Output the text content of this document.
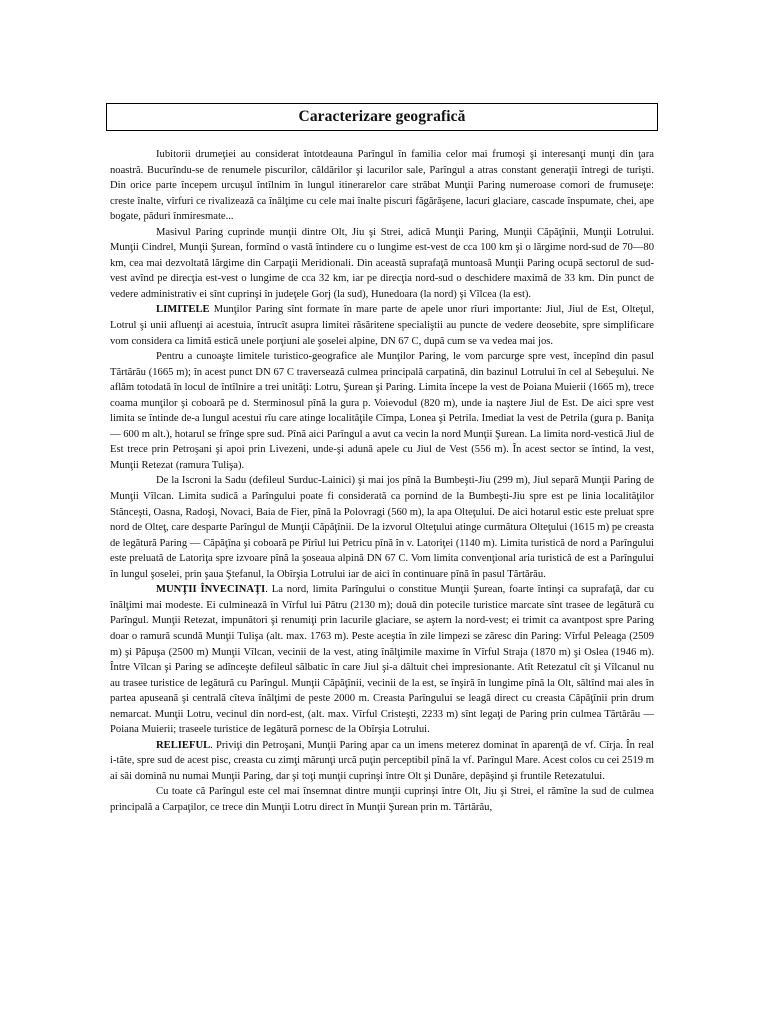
Caracterizare geografică

Iubitorii drumeţiei au considerat întotdeauna Parîngul în familia celor mai frumoşi şi interesanţi munţi din ţara noastră. Bucurîndu-se de renumele piscurilor, căldărilor şi lacurilor sale, Parîngul a atras constant generaţii întregi de turişti. Din orice parte începem urcuşul întîlnim în lungul itinerarelor care străbat Munţii Paring numeroase comori de frumuseţe: creste înalte, vîrfuri ce rivalizează ca înălţime cu cele mai înalte piscuri făgărăşene, lacuri glaciare, cascade înspumate, chei, ape bogate, păduri înmiresmate...

Masivul Paring cuprinde munţii dintre Olt, Jiu şi Strei, adică Munţii Paring, Munţii Căpăţînii, Munţii Lotrului. Munţii Cindrel, Munţii Şurean, formînd o vastă întindere cu o lungime est-vest de cca 100 km şi o lărgime nord-sud de 70—80 km, cea mai dezvoltată lărgime din Carpaţii Meridionali. Din această suprafaţă muntoasă Munţii Paring ocupă sectorul de sud-vest avînd pe direcţia est-vest o lungime de cca 32 km, iar pe direcţia nord-sud o deschidere maximă de 33 km. Din punct de vedere administrativ ei sînt cuprinşi în judeţele Gorj (la sud), Hunedoara (la nord) şi Vîlcea (la est).

LIMITELE Munţilor Paring sînt formate în mare parte de apele unor rîuri importante: Jiul, Jiul de Est, Olteţul, Lotrul şi unii afluenţi ai acestuia, întrucît asupra limitei răsăritene specialiştii au puncte de vedere deosebite, spre simplificare vom considera ca limită estică unele porţiuni ale şoselei alpine, DN 67 C, după cum se va vedea mai jos.

Pentru a cunoaşte limitele turistico-geografice ale Munţilor Paring, le vom parcurge spre vest, începînd din pasul Tărtărău (1665 m); în acest punct DN 67 C traversează culmea principală carpatină, din bazinul Lotrului în cel al Sebeşului. Ne aflăm totodată în locul de întîlnire a trei unităţi: Lotru, Şurean şi Paring. Limita începe la vest de Poiana Muierii (1665 m), trece coama munţilor şi coboară pe d. Sterminosul pînă la gura p. Voievodul (820 m), unde ia naştere Jiul de Est. De aici spre vest limita se întinde de-a lungul acestui rîu care atinge localităţile Cîmpa, Lonea şi Petrila. Imediat la vest de Petrila (gura p. Baniţa — 600 m alt.), hotarul se frînge spre sud. Pînă aici Parîngul a avut ca vecin la nord Munţii Şurean. La limita nord-vestică Jiul de Est trece prin Petroşani şi apoi prin Livezeni, unde-şi adună apele cu Jiul de Vest (556 m). În acest sector se întind, la vest, Munţii Retezat (ramura Tulişa).

De la Iscroni la Sadu (defileul Surduc-Lainici) şi mai jos pînă la Bumbeşti-Jiu (299 m), Jiul separă Munţii Paring de Munţii Vîlcan. Limita sudică a Parîngului poate fi considerată ca pornind de la Bumbeşti-Jiu spre est pe linia localităţilor Stănceşti, Oasna, Radoşi, Novaci, Baia de Fier, pînă la Polovragi (560 m), la apa Olteţului. De aici hotarul estic este preluat spre nord de Olteţ, care desparte Parîngul de Munţii Căpăţînii. De la izvorul Olteţului atinge curmătura Olteţului (1615 m) pe creasta de legătură Paring — Căpăţîna şi coboară pe Pîrîul lui Petricu pînă în v. Latoriţei (1140 m). Limita turistică de nord a Parîngului este preluată de Latoriţa spre izvoare pînă la şoseaua alpină DN 67 C. Vom limita convenţional aria turistică de est a Parîngului în lungul şoselei, prin şaua Ştefanul, la Obîrşia Lotrului iar de aici în continuare pînă în pasul Tărtărău.

MUNŢII ÎNVECINAŢI. La nord, limita Parîngului o constitue Munţii Şurean, foarte întinşi ca suprafaţă, dar cu înălţimi mai modeste. Ei culminează în Vîrful lui Pătru (2130 m); două din potecile turistice marcate sînt trasee de legătură cu Parîngul. Munţii Retezat, impunători şi renumiţi prin lacurile glaciare, se aştern la nord-vest; ei trimit ca avantpost spre Paring doar o ramură scundă Munţii Tulişa (alt. max. 1763 m). Peste aceştia în zile limpezi se zăresc din Paring: Vîrful Peleaga (2509 m) şi Păpuşa (2500 m) Munţii Vîlcan, vecinii de la vest, ating înălţimile maxime în Vîrful Straja (1870 m) şi Oslea (1946 m). Între Vîlcan şi Paring se adînceşte defileul sălbatic în care Jiul şi-a dăltuit chei impresionante. Atît Retezatul cît şi Vîlcanul nu au trasee turistice de legătură cu Parîngul. Munţii Căpăţînii, vecinii de la est, se înşiră în lungime pînă la Olt, săltînd mai ales în partea apuseană şi centrală cîteva înălţimi de peste 2000 m. Creasta Parîngului se leagă direct cu creasta Căpăţînii prin drum nemarcat. Munţii Lotru, vecinul din nord-est, (alt. max. Vîrful Cristeşti, 2233 m) sînt legaţi de Paring prin culmea Tărtărău — Poiana Muierii; traseele turistice de legătură pornesc de la Obîrşia Lotrului.

RELIEFUL. Priviţi din Petroşani, Munţii Paring apar ca un imens meterez dominat în aparenţă de vf. Cîrja. În real i-tăte, spre sud de acest pisc, creasta cu zimţi mărunţi urcă puţin perceptibil pînă la vf. Parîngul Mare. Acest colos cu cei 2519 m ai săi domină nu numai Munţii Paring, dar şi toţi munţii cuprinşi între Olt şi Dunăre, depăşind şi fruntile Retezatului.

Cu toate că Parîngul este cel mai însemnat dintre munţii cuprinşi între Olt, Jiu şi Strei, el rămîne la sud de culmea principală a Carpaţilor, ce trece din Munţii Lotru direct în Munţii Şurean prin m. Tărtărău,
